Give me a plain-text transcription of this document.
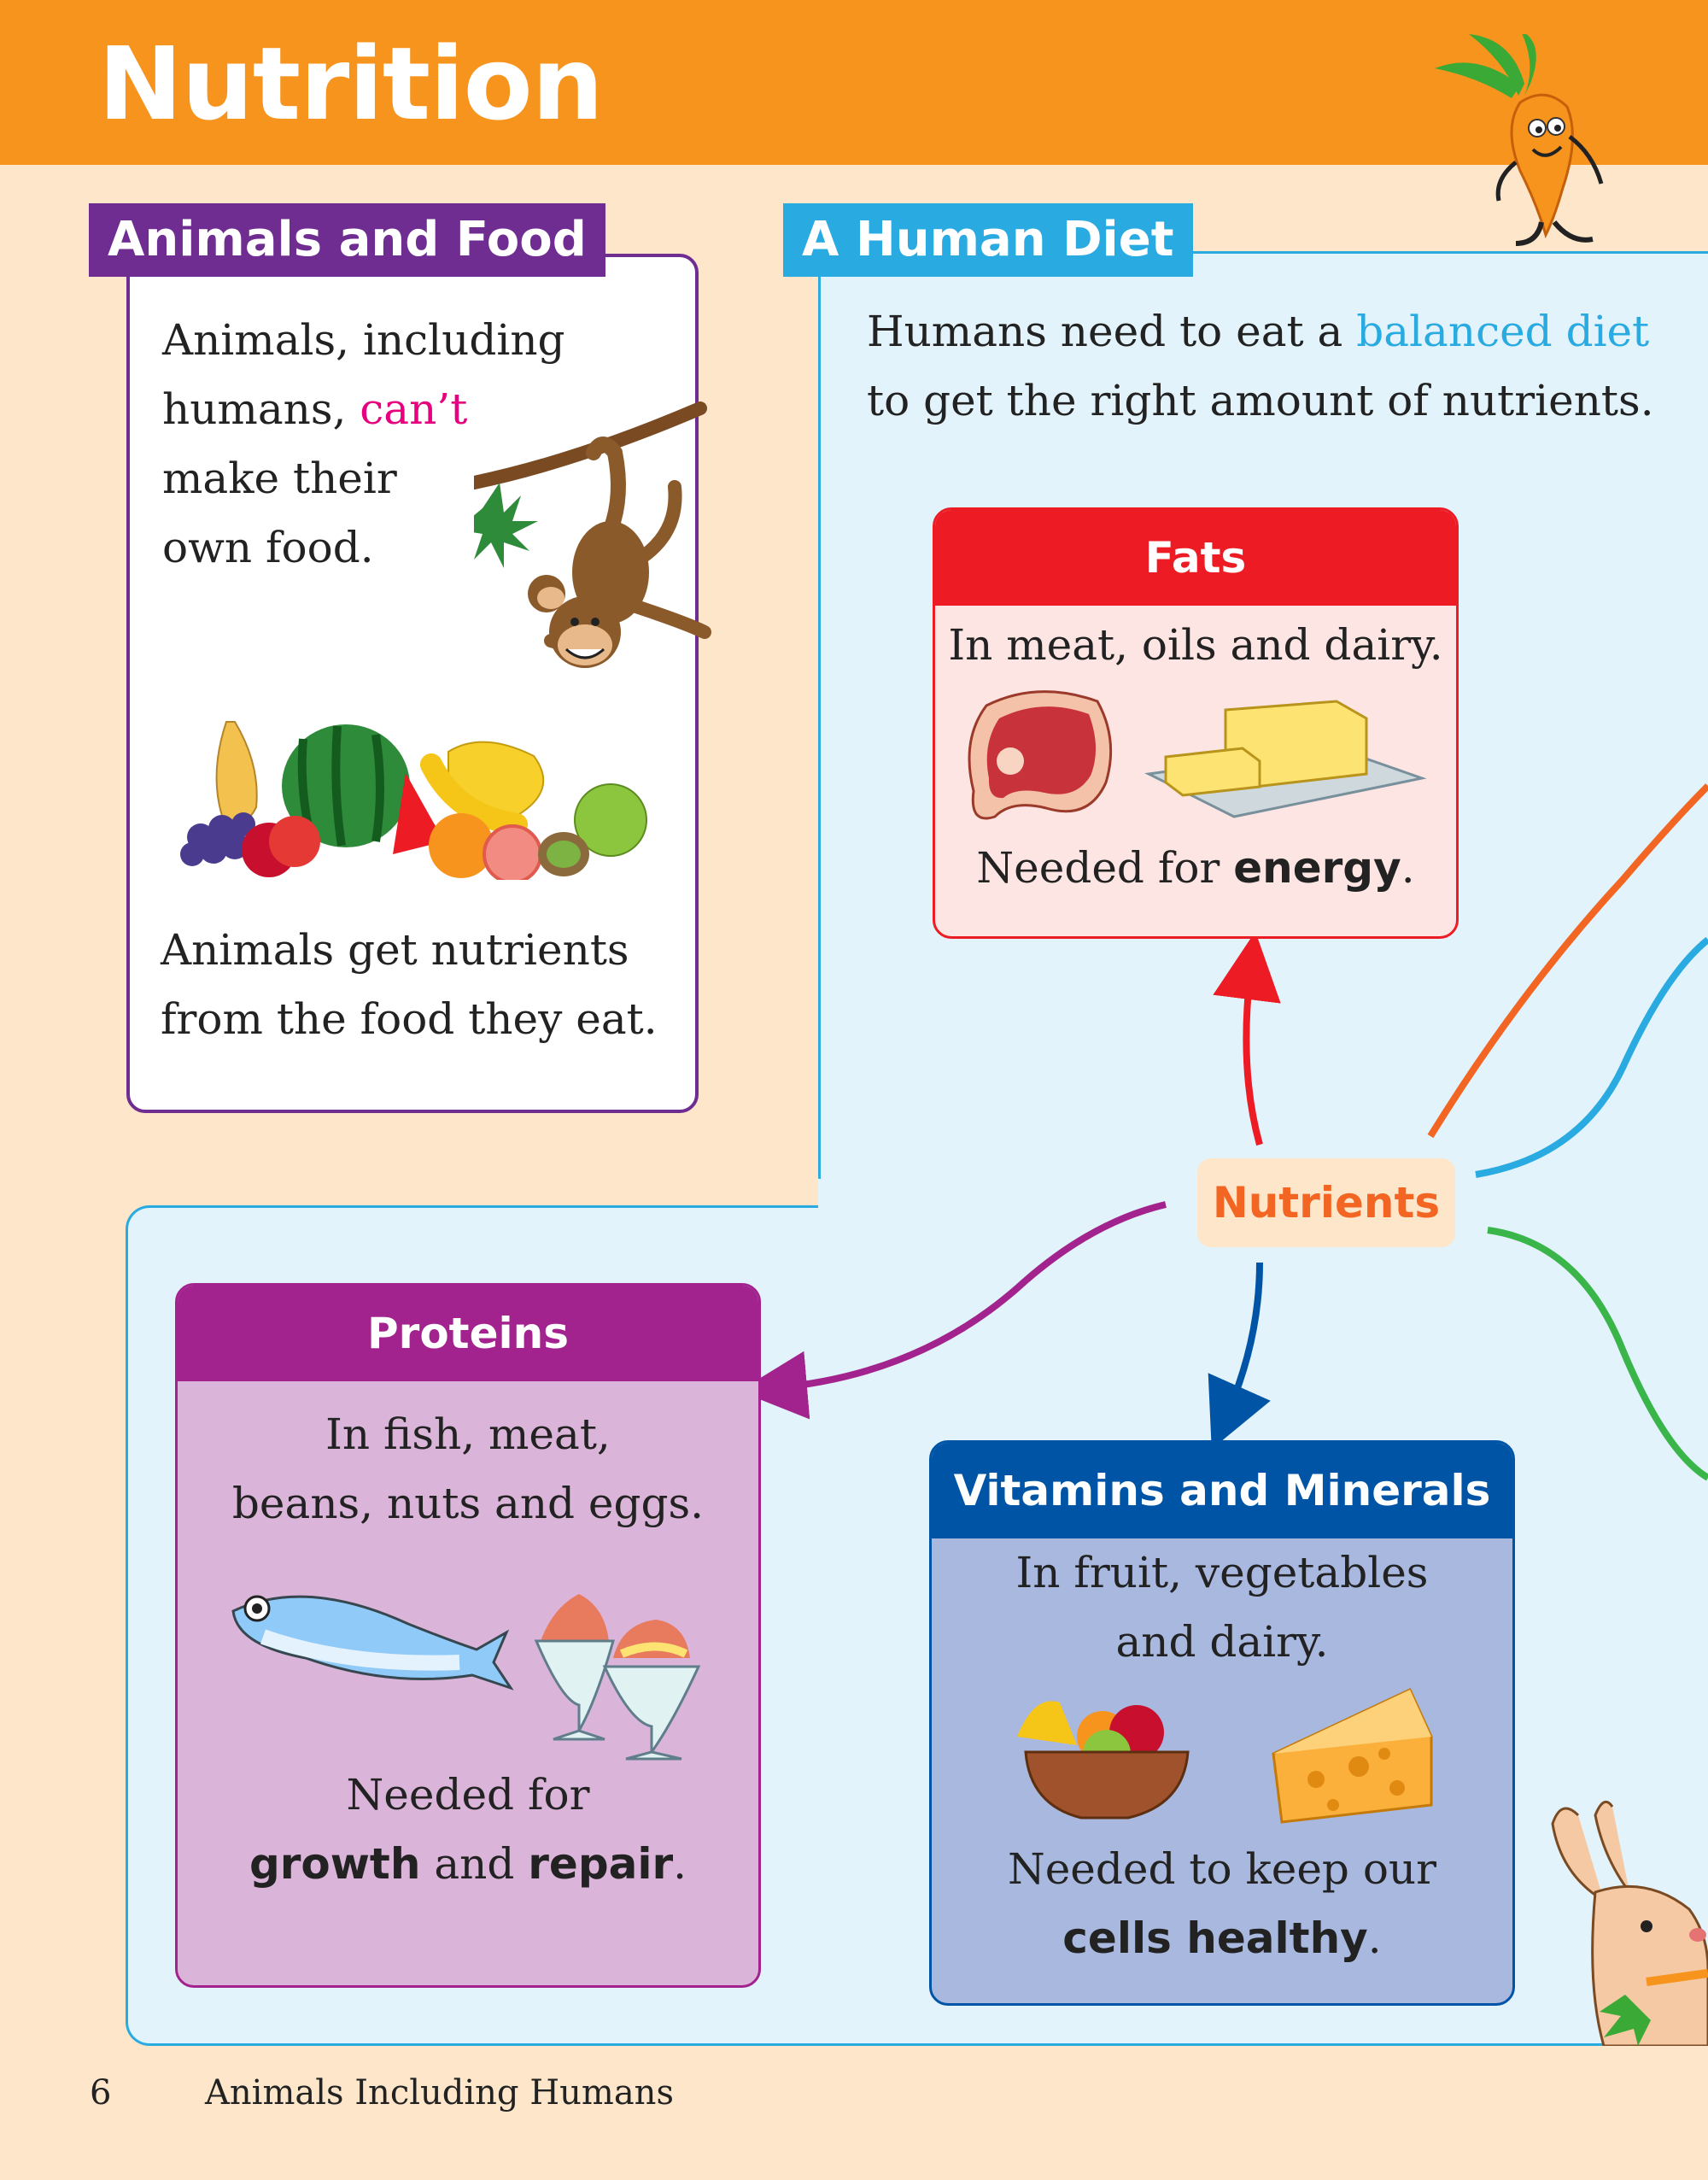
Nutrition
Animals and Food
Animals, including
humans, can’t
make their
own food.
Animals get nutrients
from the food they eat.
A Human Diet
Humans need to eat a balanced diet
to get the right amount of nutrients.
Nutrients
Fats
In meat, oils and dairy.
Needed for energy.
Proteins
In fish, meat,
beans, nuts and eggs.
Needed for
growth and repair.
Vitamins and Minerals
In fruit, vegetables
and dairy.
Needed to keep our
cells healthy.
6	Animals Including Humans
